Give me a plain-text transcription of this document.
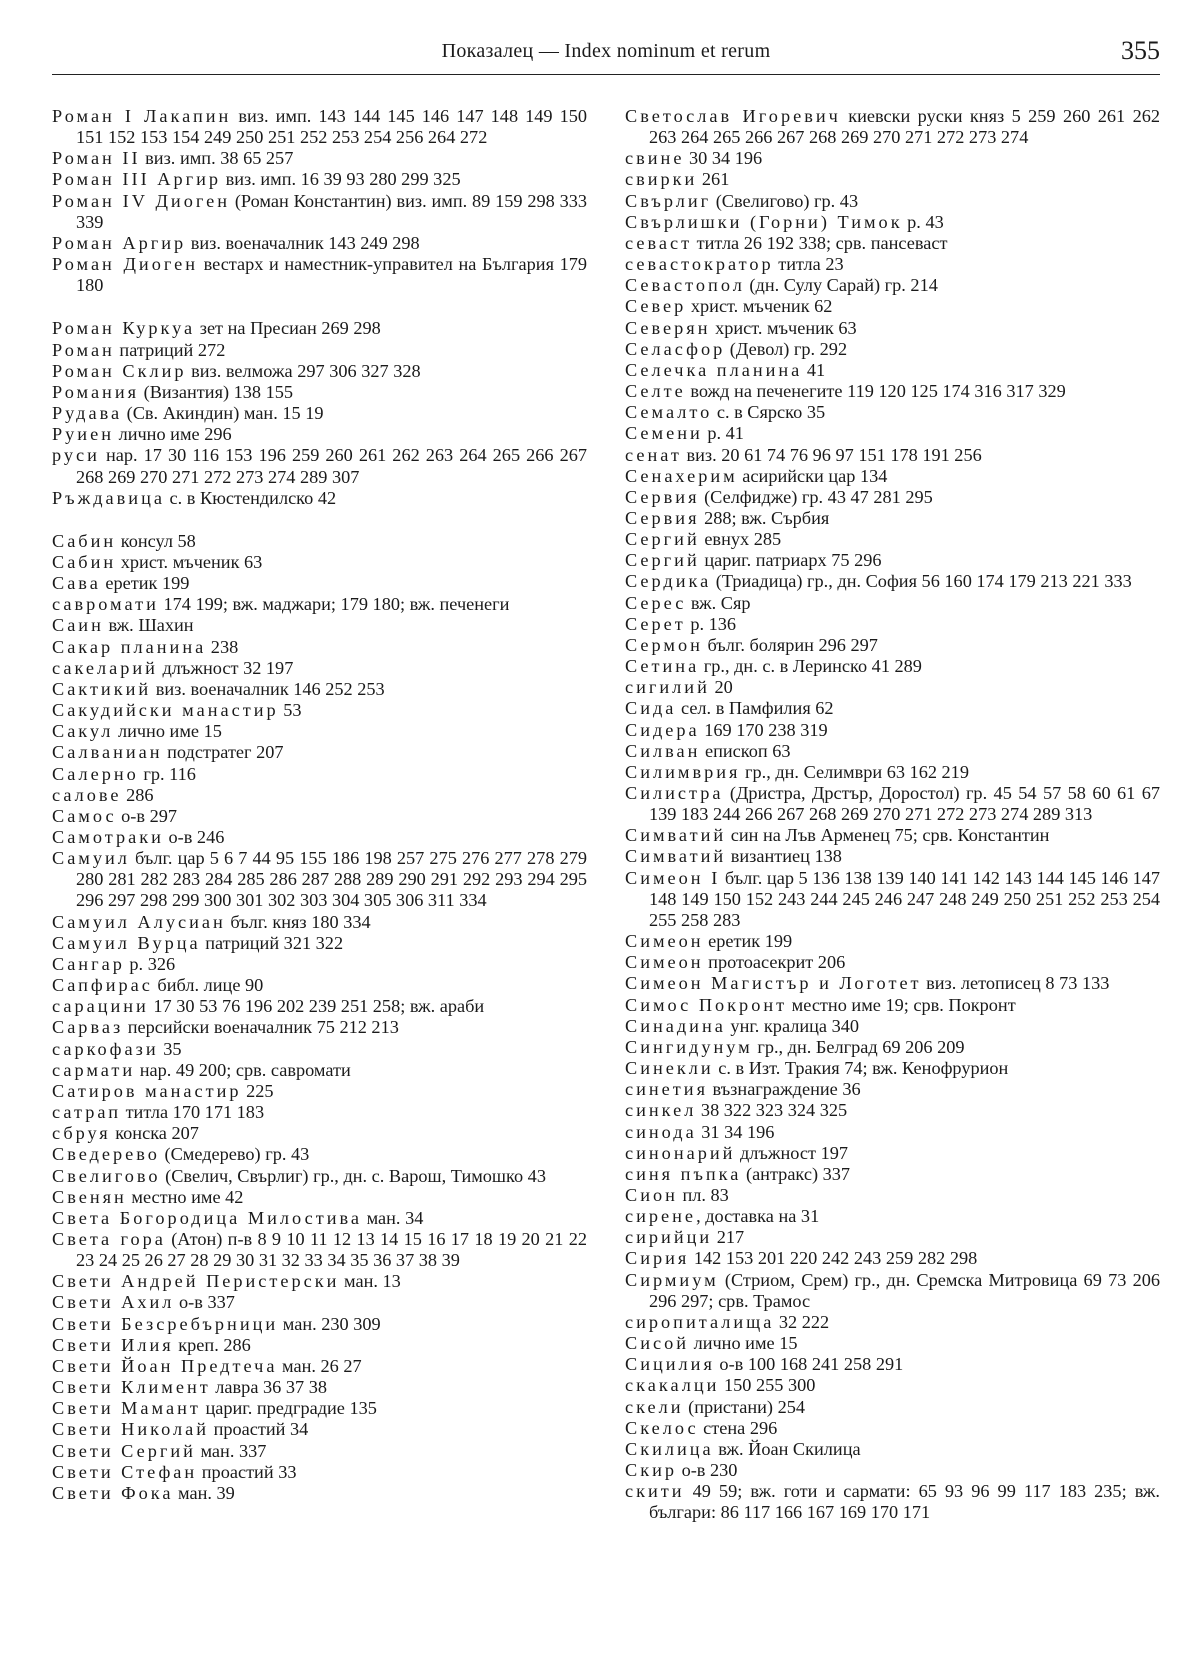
Показалец — Index nominum et rerum	355
Роман I Лакапин виз. имп. 143 144 145 146 147 148 149 150 151 152 153 154 249 250 251 252 253 254 256 264 272
Роман II виз. имп. 38 65 257
Роман III Аргир виз. имп. 16 39 93 280 299 325
Роман IV Диоген (Роман Константин) виз. имп. 89 159 298 333 339
Роман Аргир виз. военачалник 143 249 298
Роман Диоген вестарх и наместник-управител на България 179 180
Роман Куркуа зет на Пресиан 269 298
Роман патриций 272
Роман Склир виз. велможа 297 306 327 328
Романия (Византия) 138 155
Рудава (Св. Акиндин) ман. 15 19
Руиен лично име 296
руси нар. 17 30 116 153 196 259 260 261 262 263 264 265 266 267 268 269 270 271 272 273 274 289 307
Ръждавица с. в Кюстендилско 42
Сабин консул 58
Сабин христ. мъченик 63
Сава еретик 199
савромати 174 199; вж. маджари; 179 180; вж. печенеги
Саин вж. Шахин
Сакар планина 238
сакеларий длъжност 32 197
Сактикий виз. военачалник 146 252 253
Сакудийски манастир 53
Сакул лично име 15
Салваниан подстратег 207
Салерно гр. 116
салове 286
Самос о-в 297
Самотраки о-в 246
Самуил бълг. цар 5 6 7 44 95 155 186 198 257 275 276 277 278 279 280 281 282 283 284 285 286 287 288 289 290 291 292 293 294 295 296 297 298 299 300 301 302 303 304 305 306 311 334
Самуил Алусиан бълг. княз 180 334
Самуил Вурца патриций 321 322
Сангар р. 326
Сапфирас библ. лице 90
сарацини 17 30 53 76 196 202 239 251 258; вж. араби
Сарваз персийски военачалник 75 212 213
саркофази 35
сармати нар. 49 200; срв. савромати
Сатиров манастир 225
сатрап титла 170 171 183
сбруя конска 207
Сведерево (Смедерево) гр. 43
Свелигово (Свелич, Свърлиг) гр., дн. с. Варош, Тимошко 43
Свенян местно име 42
Света Богородица Милостива ман. 34
Света гора (Атон) п-в 8 9 10 11 12 13 14 15 16 17 18 19 20 21 22 23 24 25 26 27 28 29 30 31 32 33 34 35 36 37 38 39
Свети Андрей Перистерски ман. 13
Свети Ахил о-в 337
Свети Безсребърници ман. 230 309
Свети Илия креп. 286
Свети Йоан Предтеча ман. 26 27
Свети Климент лавра 36 37 38
Свети Мамант цариг. предградие 135
Свети Николай проастий 34
Свети Сергий ман. 337
Свети Стефан проастий 33
Свети Фока ман. 39
Светослав Игоревич киевски руски княз 5 259 260 261 262 263 264 265 266 267 268 269 270 271 272 273 274
свине 30 34 196
свирки 261
Свърлиг (Свелигово) гр. 43
Свърлишки (Горни) Тимок р. 43
севаст титла 26 192 338; срв. пансеваст
севастократор титла 23
Севастопол (дн. Сулу Сарай) гр. 214
Север христ. мъченик 62
Северян христ. мъченик 63
Селасфор (Девол) гр. 292
Селечка планина 41
Селте вожд на печенегите 119 120 125 174 316 317 329
Семалто с. в Сярско 35
Семени р. 41
сенат виз. 20 61 74 76 96 97 151 178 191 256
Сенахерим асирийски цар 134
Сервия (Селфидже) гр. 43 47 281 295
Сервия 288; вж. Сърбия
Сергий евнух 285
Сергий цариг. патриарх 75 296
Сердика (Триадица) гр., дн. София 56 160 174 179 213 221 333
Серес вж. Сяр
Серет р. 136
Сермон бълг. болярин 296 297
Сетина гр., дн. с. в Леринско 41 289
сигилий 20
Сида сел. в Памфилия 62
Сидера 169 170 238 319
Силван епископ 63
Силимврия гр., дн. Селимври 63 162 219
Силистра (Дристра, Дрстър, Доростол) гр. 45 54 57 58 60 61 67 139 183 244 266 267 268 269 270 271 272 273 274 289 313
Симватий син на Лъв Арменец 75; срв. Константин
Симватий византиец 138
Симеон I бълг. цар 5 136 138 139 140 141 142 143 144 145 146 147 148 149 150 152 243 244 245 246 247 248 249 250 251 252 253 254 255 258 283
Симеон еретик 199
Симеон протоасекрит 206
Симеон Магистър и Логотет виз. летописец 8 73 133
Симос Покронт местно име 19; срв. Покронт
Синадина унг. кралица 340
Сингидунум гр., дн. Белград 69 206 209
Синекли с. в Изт. Тракия 74; вж. Кенофрурион
синетия възнаграждение 36
синкел 38 322 323 324 325
синода 31 34 196
синонарий длъжност 197
синя пъпка (антракс) 337
Сион пл. 83
сирене, доставка на 31
сирийци 217
Сирия 142 153 201 220 242 243 259 282 298
Сирмиум (Стриом, Срем) гр., дн. Сремска Митровица 69 73 206 296 297; срв. Трамос
сиропиталища 32 222
Сисой лично име 15
Сицилия о-в 100 168 241 258 291
скакалци 150 255 300
скели (пристани) 254
Скелос стена 296
Скилица вж. Йоан Скилица
Скир о-в 230
скити 49 59; вж. готи и сармати: 65 93 96 99 117 183 235; вж. българи: 86 117 166 167 169 170 171
